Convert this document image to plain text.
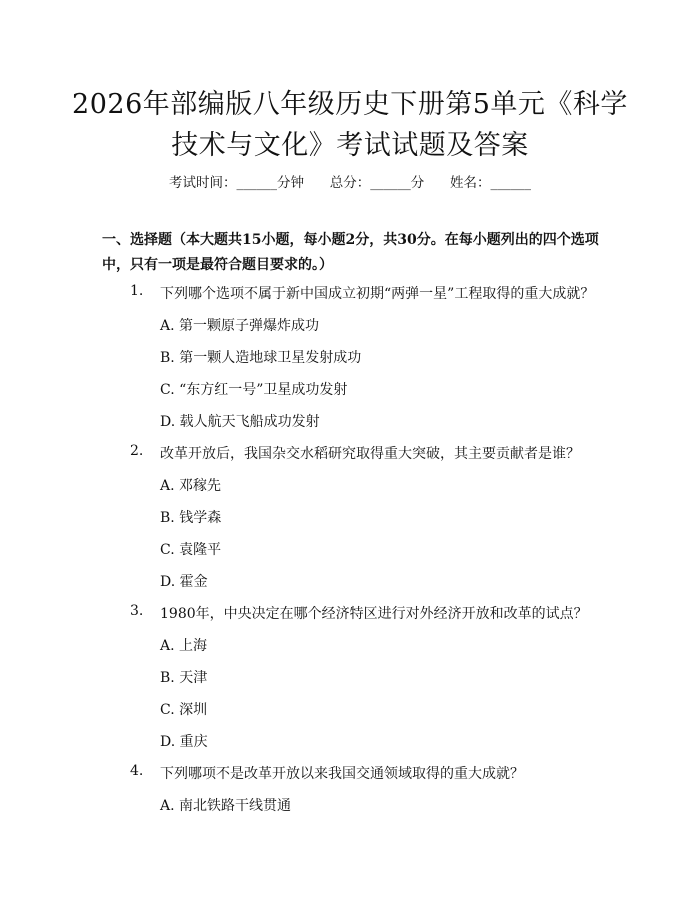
2026年部编版八年级历史下册第5单元《科学技术与文化》考试试题及答案
考试时间：______分钟 总分：______分 姓名：______
一、选择题（本大题共15小题，每小题2分，共30分。在每小题列出的四个选项中，只有一项是最符合题目要求的。）
1. 下列哪个选项不属于新中国成立初期“两弹一星”工程取得的重大成就？
A. 第一颗原子弹爆炸成功
B. 第一颗人造地球卫星发射成功
C. “东方红一号”卫星成功发射
D. 载人航天飞船成功发射
2. 改革开放后，我国杂交水稻研究取得重大突破，其主要贡献者是谁？
A. 邓稼先
B. 钱学森
C. 袁隆平
D. 霍金
3. 1980年，中央决定在哪个经济特区进行对外经济开放和改革的试点？
A. 上海
B. 天津
C. 深圳
D. 重庆
4. 下列哪项不是改革开放以来我国交通领域取得的重大成就？
A. 南北铁路干线贯通
